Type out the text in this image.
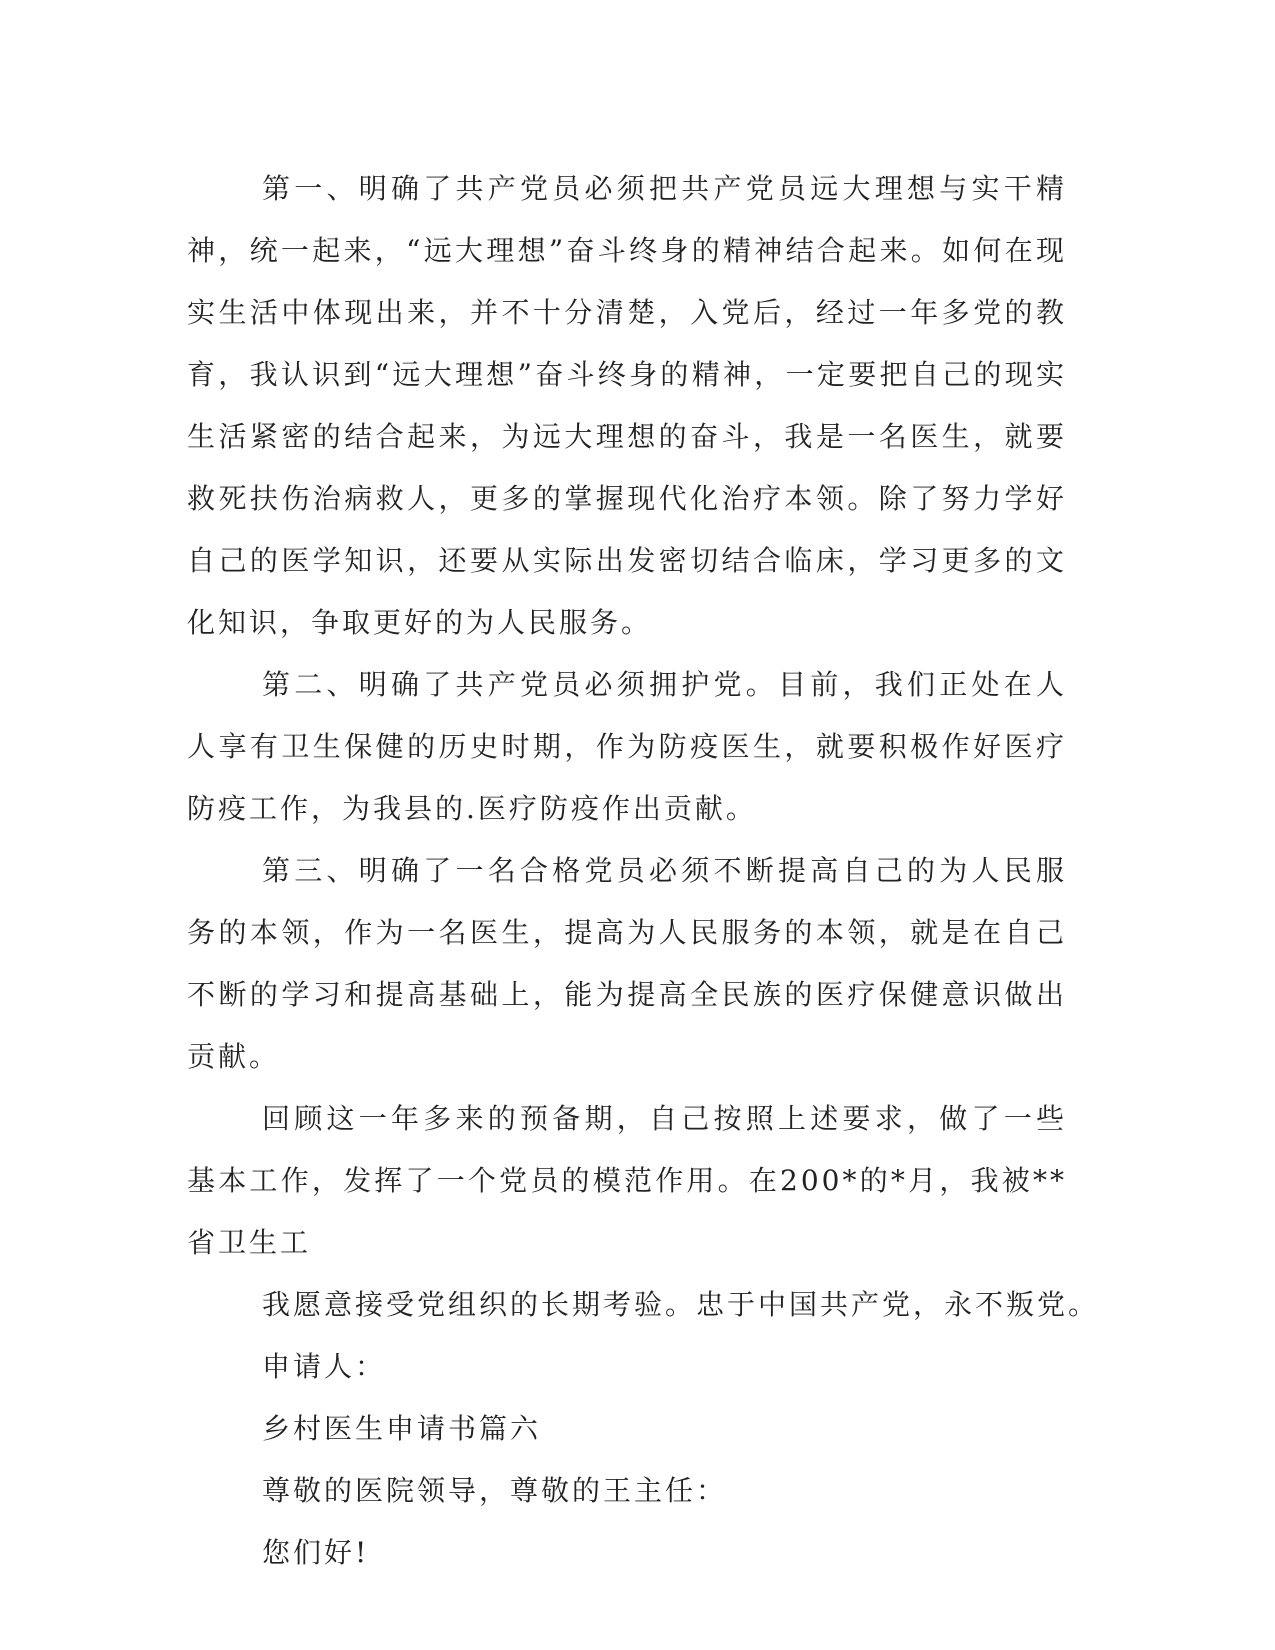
第一、明确了共产党员必须把共产党员远大理想与实干精神，统一起来，“远大理想”奋斗终身的精神结合起来。如何在现实生活中体现出来，并不十分清楚，入党后，经过一年多党的教育，我认识到“远大理想”奋斗终身的精神，一定要把自己的现实生活紧密的结合起来，为远大理想的奋斗，我是一名医生，就要救死扶伤治病救人，更多的掌握现代化治疗本领。除了努力学好自己的医学知识，还要从实际出发密切结合临床，学习更多的文化知识，争取更好的为人民服务。

第二、明确了共产党员必须拥护党。目前，我们正处在人人享有卫生保健的历史时期，作为防疫医生，就要积极作好医疗防疫工作，为我县的.医疗防疫作出贡献。

第三、明确了一名合格党员必须不断提高自己的为人民服务的本领，作为一名医生，提高为人民服务的本领，就是在自己不断的学习和提高基础上，能为提高全民族的医疗保健意识做出贡献。

回顾这一年多来的预备期，自己按照上述要求，做了一些基本工作，发挥了一个党员的模范作用。在200*的*月，我被**省卫生工

我愿意接受党组织的长期考验。忠于中国共产党，永不叛党。

申请人：

乡村医生申请书篇六

尊敬的医院领导，尊敬的王主任：

您们好!
